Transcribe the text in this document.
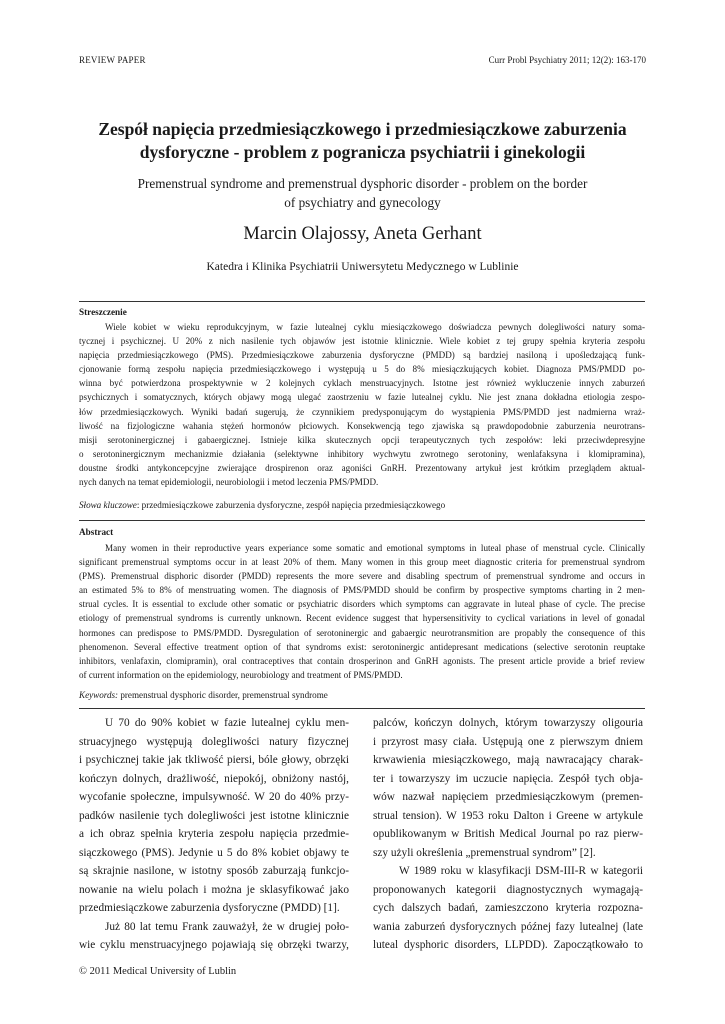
REVIEW PAPER	Curr Probl Psychiatry 2011; 12(2): 163-170
Zespół napięcia przedmiesiączkowego i przedmiesiączkowe zaburzenia
dysforyczne - problem z pogranicza psychiatrii i ginekologii
Premenstrual syndrome and premenstrual dysphoric disorder - problem on the border
of psychiatry and gynecology
Marcin Olajossy, Aneta Gerhant
Katedra i Klinika Psychiatrii Uniwersytetu Medycznego w Lublinie
Streszczenie
Wiele kobiet w wieku reprodukcyjnym, w fazie lutealnej cyklu miesiączkowego doświadcza pewnych dolegliwości natury soma-
tycznej i psychicznej. U 20% z nich nasilenie tych objawów jest istotnie klinicznie. Wiele kobiet z tej grupy spełnia kryteria zespołu
napięcia przedmiesiączkowego (PMS). Przedmiesiączkowe zaburzenia dysforyczne (PMDD) są bardziej nasiloną i upośledzającą funk-
cjonowanie formą zespołu napięcia przedmiesiączkowego i występują u 5 do 8% miesiączkujących kobiet. Diagnoza PMS/PMDD po-
winna być potwierdzona prospektywnie w 2 kolejnych cyklach menstruacyjnych. Istotne jest również wykluczenie innych zaburzeń
psychicznych i somatycznych, których objawy mogą ulegać zaostrzeniu w fazie lutealnej cyklu. Nie jest znana dokładna etiologia zespo-
łów przedmiesiączkowych. Wyniki badań sugerują, że czynnikiem predysponującym do wystąpienia PMS/PMDD jest nadmierna wraż-
liwość na fizjologiczne wahania stężeń hormonów płciowych. Konsekwencją tego zjawiska są prawdopodobnie zaburzenia neurotrans-
misji serotoninergicznej i gabaergicznej. Istnieje kilka skutecznych opcji terapeutycznych tych zespołów: leki przeciwdepresyjne
o serotoninergicznym mechanizmie działania (selektywne inhibitory wychwytu zwrotnego serotoniny, wenlafaksyna i klomipramina),
doustne środki antykoncepcyjne zwierające drospirenon oraz agoniści GnRH. Prezentowany artykuł jest krótkim przeglądem aktual-
nych danych na temat epidemiologii, neurobiologii i metod leczenia PMS/PMDD.
Słowa kluczowe: przedmiesiączkowe zaburzenia dysforyczne, zespół napięcia przedmiesiączkowego
Abstract
Many women in their reproductive years experiance some somatic and emotional symptoms in luteal phase of menstrual cycle. Clinically
significant premenstrual symptoms occur in at least 20% of them. Many women in this group meet diagnostic criteria for premenstrual syndrom
(PMS). Premenstrual disphoric disorder (PMDD) represents the more severe and disabling spectrum of premenstrual syndrome and occurs in
an estimated 5% to 8% of menstruating women. The diagnosis of PMS/PMDD should be confirm by prospective symptoms charting in 2 men-
strual cycles. It is essential to exclude other somatic or psychiatric disorders which symptoms can aggravate in luteal phase of cycle. The precise
etiology of premenstrual syndroms is currently unknown. Recent evidence suggest that hypersensitivity to cyclical variations in level of gonadal
hormones can predispose to PMS/PMDD. Dysregulation of serotoninergic and gabaergic neurotransmition are propably the consequence of this
phenomenon. Several effective treatment option of that syndroms exist: serotoninergic antidepresant medications (selective serotonin reuptake
inhibitors, venlafaxin, clomipramin), oral contraceptives that contain drosperinon and GnRH agonists. The present article provide a brief review
of current information on the epidemiology, neurobiology and treatment of PMS/PMDD.
Keywords: premenstrual dysphoric disorder, premenstrual syndrome
U 70 do 90% kobiet w fazie lutealnej cyklu men-
struacyjnego występują dolegliwości natury fizycznej
i psychicznej takie jak tkliwość piersi, bóle głowy, obrzęki
kończyn dolnych, drażliwość, niepokój, obniżony nastój,
wycofanie społeczne, impulsywność. W 20 do 40% przy-
padków nasilenie tych dolegliwości jest istotne klinicznie
a ich obraz spełnia kryteria zespołu napięcia przedmie-
siączkowego (PMS). Jedynie u 5 do 8% kobiet objawy te
są skrajnie nasilone, w istotny sposób zaburzają funkcjo-
nowanie na wielu polach i można je sklasyfikować jako
przedmiesiączkowe zaburzenia dysforyczne (PMDD) [1].
Już 80 lat temu Frank zauważył, że w drugiej poło-
wie cyklu menstruacyjnego pojawiają się obrzęki twarzy,
palców, kończyn dolnych, którym towarzyszy oligouria
i przyrost masy ciała. Ustępują one z pierwszym dniem
krwawienia miesiączkowego, mają nawracający charak-
ter i towarzyszy im uczucie napięcia. Zespół tych obja-
wów nazwał napięciem przedmiesiączkowym (premen-
strual tension). W 1953 roku Dalton i Greene w artykule
opublikowanym w British Medical Journal po raz pierw-
szy użyli określenia „premenstrual syndrom” [2].
W 1989 roku w klasyfikacji DSM-III-R w kategorii
proponowanych kategorii diagnostycznych wymagają-
cych dalszych badań, zamieszczono kryteria rozpozna-
wania zaburzeń dysforycznych późnej fazy lutealnej (late
luteal dysphoric disorders, LLPDD). Zapoczątkowało to
© 2011 Medical University of Lublin
